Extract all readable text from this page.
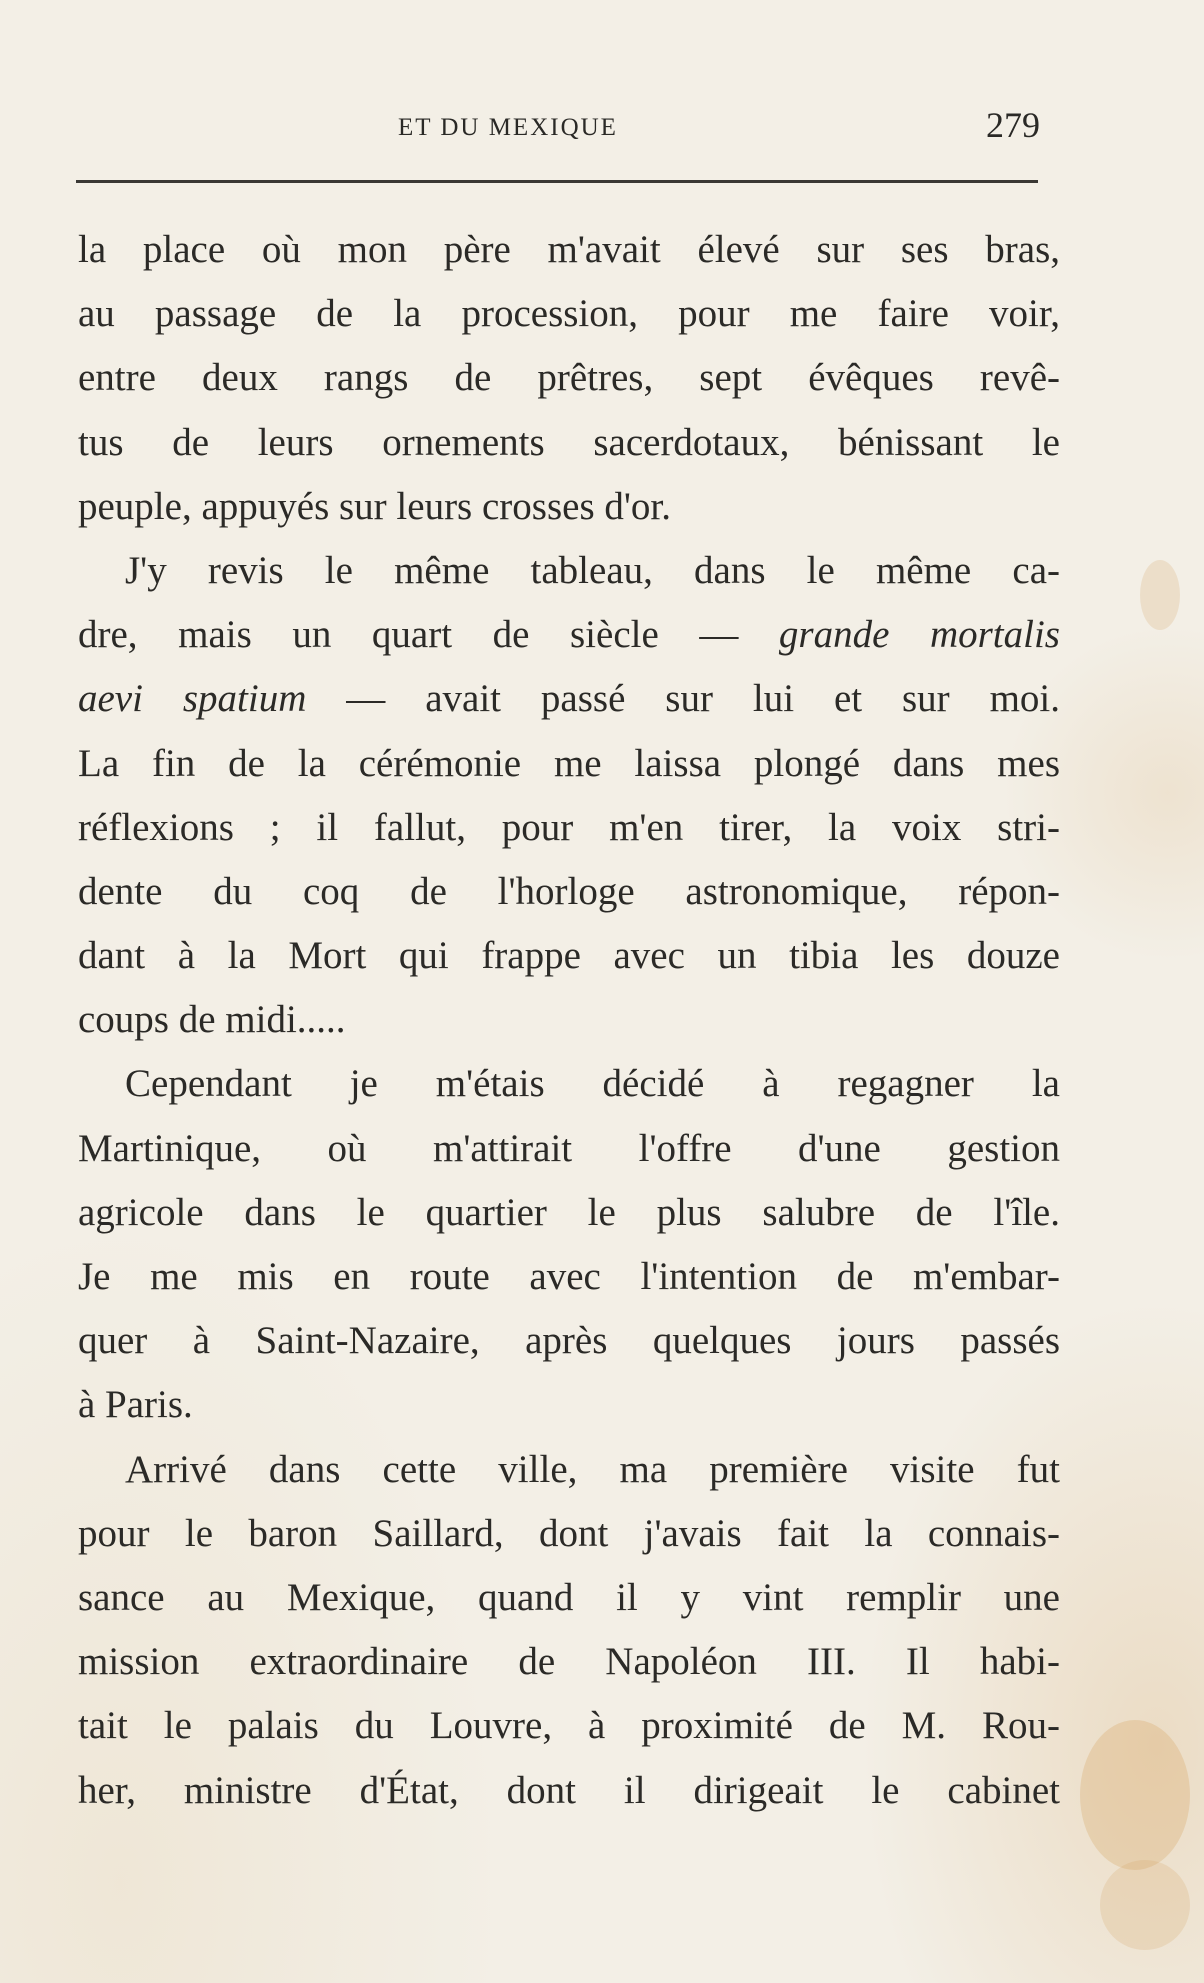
ET DU MEXIQUE	279
la place où mon père m'avait élevé sur ses bras,
au passage de la procession, pour me faire voir,
entre deux rangs de prêtres, sept évêques revê-
tus de leurs ornements sacerdotaux, bénissant le
peuple, appuyés sur leurs crosses d'or.
J'y revis le même tableau, dans le même ca-
dre, mais un quart de siècle — grande mortalis
aevi spatium — avait passé sur lui et sur moi.
La fin de la cérémonie me laissa plongé dans mes
réflexions ; il fallut, pour m'en tirer, la voix stri-
dente du coq de l'horloge astronomique, répon-
dant à la Mort qui frappe avec un tibia les douze
coups de midi.....
Cependant je m'étais décidé à regagner la
Martinique, où m'attirait l'offre d'une gestion
agricole dans le quartier le plus salubre de l'île.
Je me mis en route avec l'intention de m'embar-
quer à Saint-Nazaire, après quelques jours passés
à Paris.
Arrivé dans cette ville, ma première visite fut
pour le baron Saillard, dont j'avais fait la connais-
sance au Mexique, quand il y vint remplir une
mission extraordinaire de Napoléon III. Il habi-
tait le palais du Louvre, à proximité de M. Rou-
her, ministre d'État, dont il dirigeait le cabinet
